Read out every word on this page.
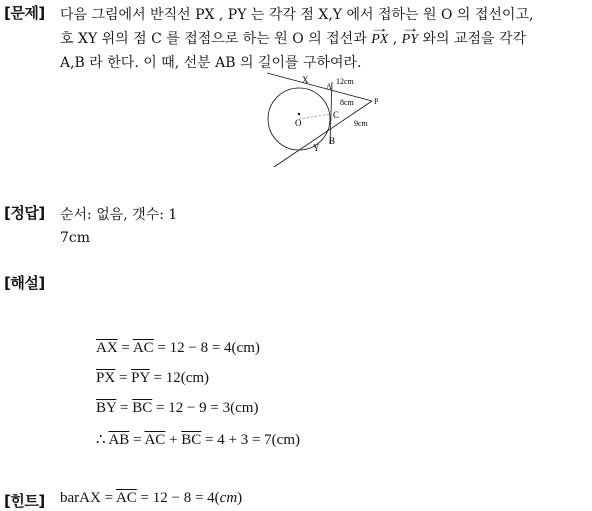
[문제] 다음 그림에서 반직선 PX , PY 는 각각 점 X,Y 에서 접하는 원 O 의 접선이고,
호 XY 위의 점 C 를 접점으로 하는 원 O 의 접선과 → PX , → PY 와의 교점을 각각
A,B 라 한다. 이 때, 선분 AB 의 길이를 구하여라.
X	12cm
A
8cm	P
C
O	9cm
B
Y
[정답] 순서: 없음, 갯수: 1
7cm
[해설]
$\overline{AX} = \overline{AC} = 12 - 8 = 4(cm)$
$\overline{PX} = \overline{PY} = 12(cm)$
$\overline{BY} = \overline{BC} = 12 - 9 = 3(cm)$
∴ $\overline{AB} = \overline{AC} + \overline{BC} = 4 + 3 = 7(cm)$
[힌트] barAX = $\overline{AC} = 12 - 8 = 4(cm)$
